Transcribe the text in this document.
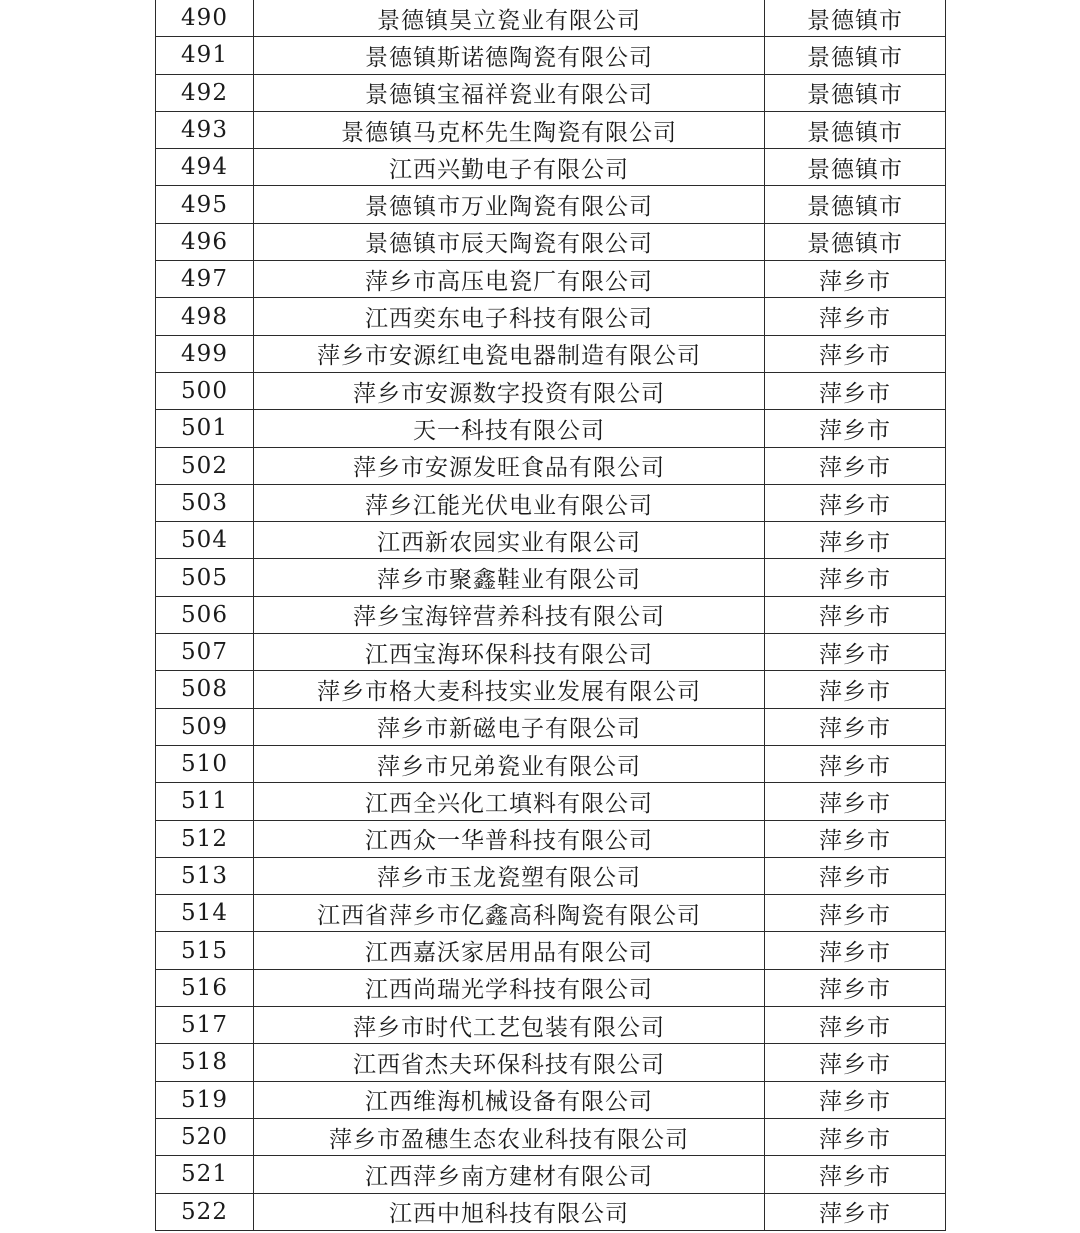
490	景德镇昊立瓷业有限公司	景德镇市
491	景德镇斯诺德陶瓷有限公司	景德镇市
492	景德镇宝福祥瓷业有限公司	景德镇市
493	景德镇马克杯先生陶瓷有限公司	景德镇市
494	江西兴勤电子有限公司	景德镇市
495	景德镇市万业陶瓷有限公司	景德镇市
496	景德镇市辰天陶瓷有限公司	景德镇市
497	萍乡市高压电瓷厂有限公司	萍乡市
498	江西奕东电子科技有限公司	萍乡市
499	萍乡市安源红电瓷电器制造有限公司	萍乡市
500	萍乡市安源数字投资有限公司	萍乡市
501	天一科技有限公司	萍乡市
502	萍乡市安源发旺食品有限公司	萍乡市
503	萍乡江能光伏电业有限公司	萍乡市
504	江西新农园实业有限公司	萍乡市
505	萍乡市聚鑫鞋业有限公司	萍乡市
506	萍乡宝海锌营养科技有限公司	萍乡市
507	江西宝海环保科技有限公司	萍乡市
508	萍乡市格大麦科技实业发展有限公司	萍乡市
509	萍乡市新磁电子有限公司	萍乡市
510	萍乡市兄弟瓷业有限公司	萍乡市
511	江西全兴化工填料有限公司	萍乡市
512	江西众一华普科技有限公司	萍乡市
513	萍乡市玉龙瓷塑有限公司	萍乡市
514	江西省萍乡市亿鑫高科陶瓷有限公司	萍乡市
515	江西嘉沃家居用品有限公司	萍乡市
516	江西尚瑞光学科技有限公司	萍乡市
517	萍乡市时代工艺包装有限公司	萍乡市
518	江西省杰夫环保科技有限公司	萍乡市
519	江西维海机械设备有限公司	萍乡市
520	萍乡市盈穗生态农业科技有限公司	萍乡市
521	江西萍乡南方建材有限公司	萍乡市
522	江西中旭科技有限公司	萍乡市
